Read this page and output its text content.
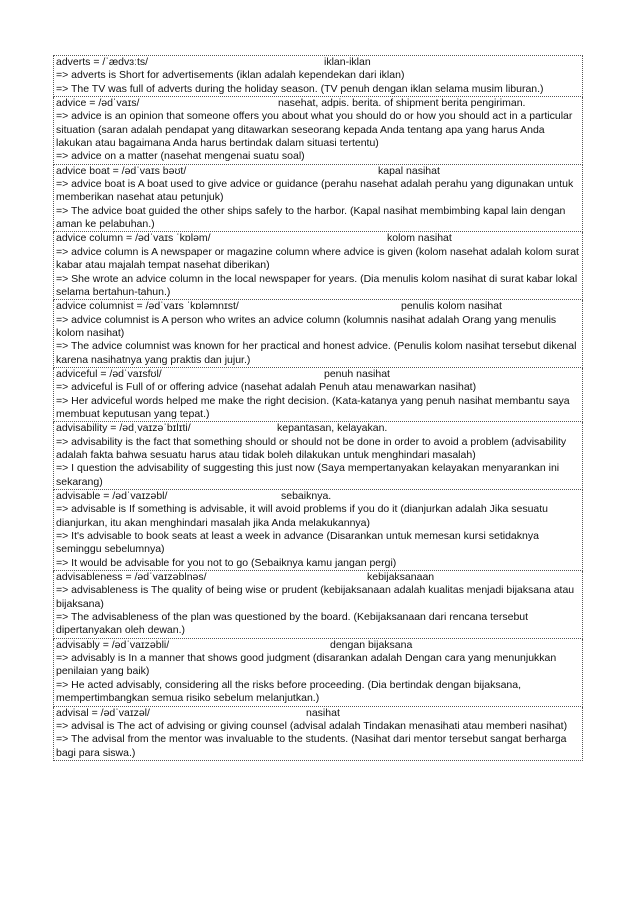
adverts = /ˈædvɜːts/	iklan-iklan
=> adverts is Short for advertisements (iklan adalah kependekan dari iklan)
=> The TV was full of adverts during the holiday season. (TV penuh dengan iklan selama musim liburan.)
advice = /ədˈvaɪs/	nasehat, adpis. berita. of shipment berita pengiriman.
=> advice is an opinion that someone offers you about what you should do or how you should act in a particular situation (saran adalah pendapat yang ditawarkan seseorang kepada Anda tentang apa yang harus Anda lakukan atau bagaimana Anda harus bertindak dalam situasi tertentu)
=> advice on a matter (nasehat mengenai suatu soal)
advice boat = /ədˈvaɪs bəʊt/	kapal nasihat
=> advice boat is A boat used to give advice or guidance (perahu nasehat adalah perahu yang digunakan untuk memberikan nasehat atau petunjuk)
=> The advice boat guided the other ships safely to the harbor. (Kapal nasihat membimbing kapal lain dengan aman ke pelabuhan.)
advice column = /ədˈvaɪs ˈkɒləm/	kolom nasihat
=> advice column is A newspaper or magazine column where advice is given (kolom nasehat adalah kolom surat kabar atau majalah tempat nasehat diberikan)
=> She wrote an advice column in the local newspaper for years. (Dia menulis kolom nasihat di surat kabar lokal selama bertahun-tahun.)
advice columnist = /ədˈvaɪs ˈkɒləmnɪst/	penulis kolom nasihat
=> advice columnist is A person who writes an advice column (kolumnis nasihat adalah Orang yang menulis kolom nasihat)
=> The advice columnist was known for her practical and honest advice. (Penulis kolom nasihat tersebut dikenal karena nasihatnya yang praktis dan jujur.)
adviceful = /ədˈvaɪsfʊl/	penuh nasihat
=> adviceful is Full of or offering advice (nasehat adalah Penuh atau menawarkan nasihat)
=> Her adviceful words helped me make the right decision. (Kata-katanya yang penuh nasihat membantu saya membuat keputusan yang tepat.)
advisability = /ədˌvaɪzəˈbɪlɪti/	kepantasan, kelayakan.
=> advisability is the fact that something should or should not be done in order to avoid a problem (advisability adalah fakta bahwa sesuatu harus atau tidak boleh dilakukan untuk menghindari masalah)
=> I question the advisability of suggesting this just now (Saya mempertanyakan kelayakan menyarankan ini sekarang)
advisable = /ədˈvaɪzəbl/	sebaiknya.
=> advisable is If something is advisable, it will avoid problems if you do it (dianjurkan adalah Jika sesuatu dianjurkan, itu akan menghindari masalah jika Anda melakukannya)
=> It's advisable to book seats at least a week in advance (Disarankan untuk memesan kursi setidaknya seminggu sebelumnya)
=> It would be advisable for you not to go (Sebaiknya kamu jangan pergi)
advisableness = /ədˈvaɪzəblnəs/	kebijaksanaan
=> advisableness is The quality of being wise or prudent (kebijaksanaan adalah kualitas menjadi bijaksana atau bijaksana)
=> The advisableness of the plan was questioned by the board. (Kebijaksanaan dari rencana tersebut dipertanyakan oleh dewan.)
advisably = /ədˈvaɪzəbli/	dengan bijaksana
=> advisably is In a manner that shows good judgment (disarankan adalah Dengan cara yang menunjukkan penilaian yang baik)
=> He acted advisably, considering all the risks before proceeding. (Dia bertindak dengan bijaksana, mempertimbangkan semua risiko sebelum melanjutkan.)
advisal = /ədˈvaɪzəl/	nasihat
=> advisal is The act of advising or giving counsel (advisal adalah Tindakan menasihati atau memberi nasihat)
=> The advisal from the mentor was invaluable to the students. (Nasihat dari mentor tersebut sangat berharga bagi para siswa.)
